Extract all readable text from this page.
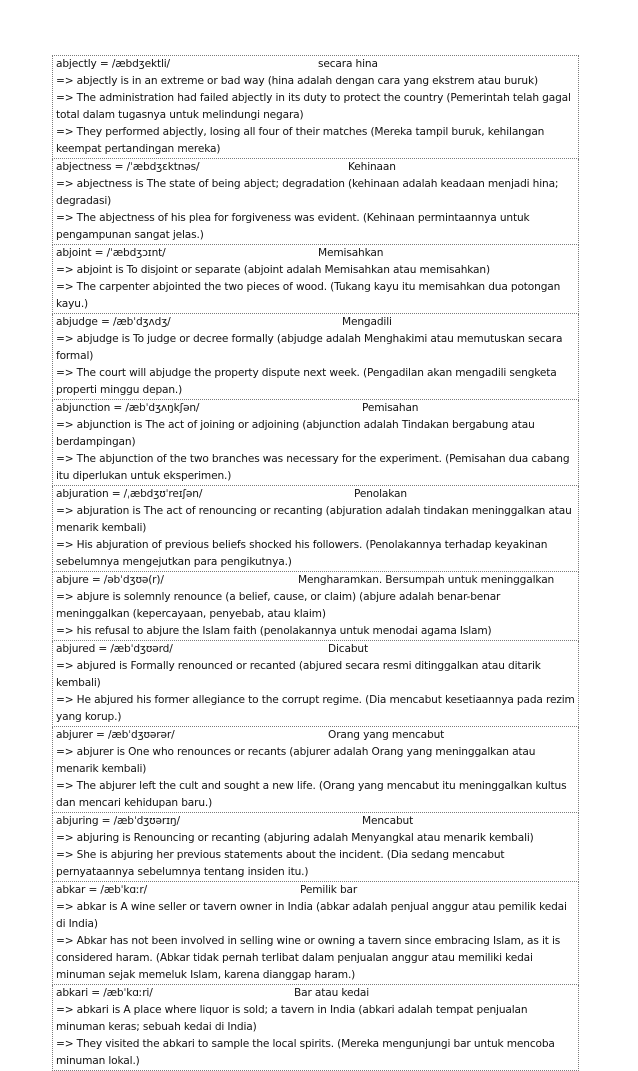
abjectly = /æbdʒektli/	secara hina
=> abjectly is in an extreme or bad way (hina adalah dengan cara yang ekstrem atau buruk)
=> The administration had failed abjectly in its duty to protect the country (Pemerintah telah gagal total dalam tugasnya untuk melindungi negara)
=> They performed abjectly, losing all four of their matches (Mereka tampil buruk, kehilangan keempat pertandingan mereka)
abjectness = /ˈæbdʒɛktnəs/	Kehinaan
=> abjectness is The state of being abject; degradation (kehinaan adalah keadaan menjadi hina; degradasi)
=> The abjectness of his plea for forgiveness was evident. (Kehinaan permintaannya untuk pengampunan sangat jelas.)
abjoint = /ˈæbdʒɔɪnt/	Memisahkan
=> abjoint is To disjoint or separate (abjoint adalah Memisahkan atau memisahkan)
=> The carpenter abjointed the two pieces of wood. (Tukang kayu itu memisahkan dua potongan kayu.)
abjudge = /æbˈdʒʌdʒ/	Mengadili
=> abjudge is To judge or decree formally (abjudge adalah Menghakimi atau memutuskan secara formal)
=> The court will abjudge the property dispute next week. (Pengadilan akan mengadili sengketa properti minggu depan.)
abjunction = /æbˈdʒʌŋkʃən/	Pemisahan
=> abjunction is The act of joining or adjoining (abjunction adalah Tindakan bergabung atau berdampingan)
=> The abjunction of the two branches was necessary for the experiment. (Pemisahan dua cabang itu diperlukan untuk eksperimen.)
abjuration = /ˌæbdʒʊˈreɪʃən/	Penolakan
=> abjuration is The act of renouncing or recanting (abjuration adalah tindakan meninggalkan atau menarik kembali)
=> His abjuration of previous beliefs shocked his followers. (Penolakannya terhadap keyakinan sebelumnya mengejutkan para pengikutnya.)
abjure = /əbˈdʒʊə(r)/	Mengharamkan. Bersumpah untuk meninggalkan
=> abjure is solemnly renounce (a belief, cause, or claim) (abjure adalah benar-benar meninggalkan (kepercayaan, penyebab, atau klaim)
=> his refusal to abjure the Islam faith (penolakannya untuk menodai agama Islam)
abjured = /æbˈdʒʊərd/	Dicabut
=> abjured is Formally renounced or recanted (abjured secara resmi ditinggalkan atau ditarik kembali)
=> He abjured his former allegiance to the corrupt regime. (Dia mencabut kesetiaannya pada rezim yang korup.)
abjurer = /æbˈdʒʊərər/	Orang yang mencabut
=> abjurer is One who renounces or recants (abjurer adalah Orang yang meninggalkan atau menarik kembali)
=> The abjurer left the cult and sought a new life. (Orang yang mencabut itu meninggalkan kultus dan mencari kehidupan baru.)
abjuring = /æbˈdʒʊərɪŋ/	Mencabut
=> abjuring is Renouncing or recanting (abjuring adalah Menyangkal atau menarik kembali)
=> She is abjuring her previous statements about the incident. (Dia sedang mencabut pernyataannya sebelumnya tentang insiden itu.)
abkar = /æbˈkɑːr/	Pemilik bar
=> abkar is A wine seller or tavern owner in India (abkar adalah penjual anggur atau pemilik kedai di India)
=> Abkar has not been involved in selling wine or owning a tavern since embracing Islam, as it is considered haram. (Abkar tidak pernah terlibat dalam penjualan anggur atau memiliki kedai minuman sejak memeluk Islam, karena dianggap haram.)
abkari = /æbˈkɑːri/	Bar atau kedai
=> abkari is A place where liquor is sold; a tavern in India (abkari adalah tempat penjualan minuman keras; sebuah kedai di India)
=> They visited the abkari to sample the local spirits. (Mereka mengunjungi bar untuk mencoba minuman lokal.)
